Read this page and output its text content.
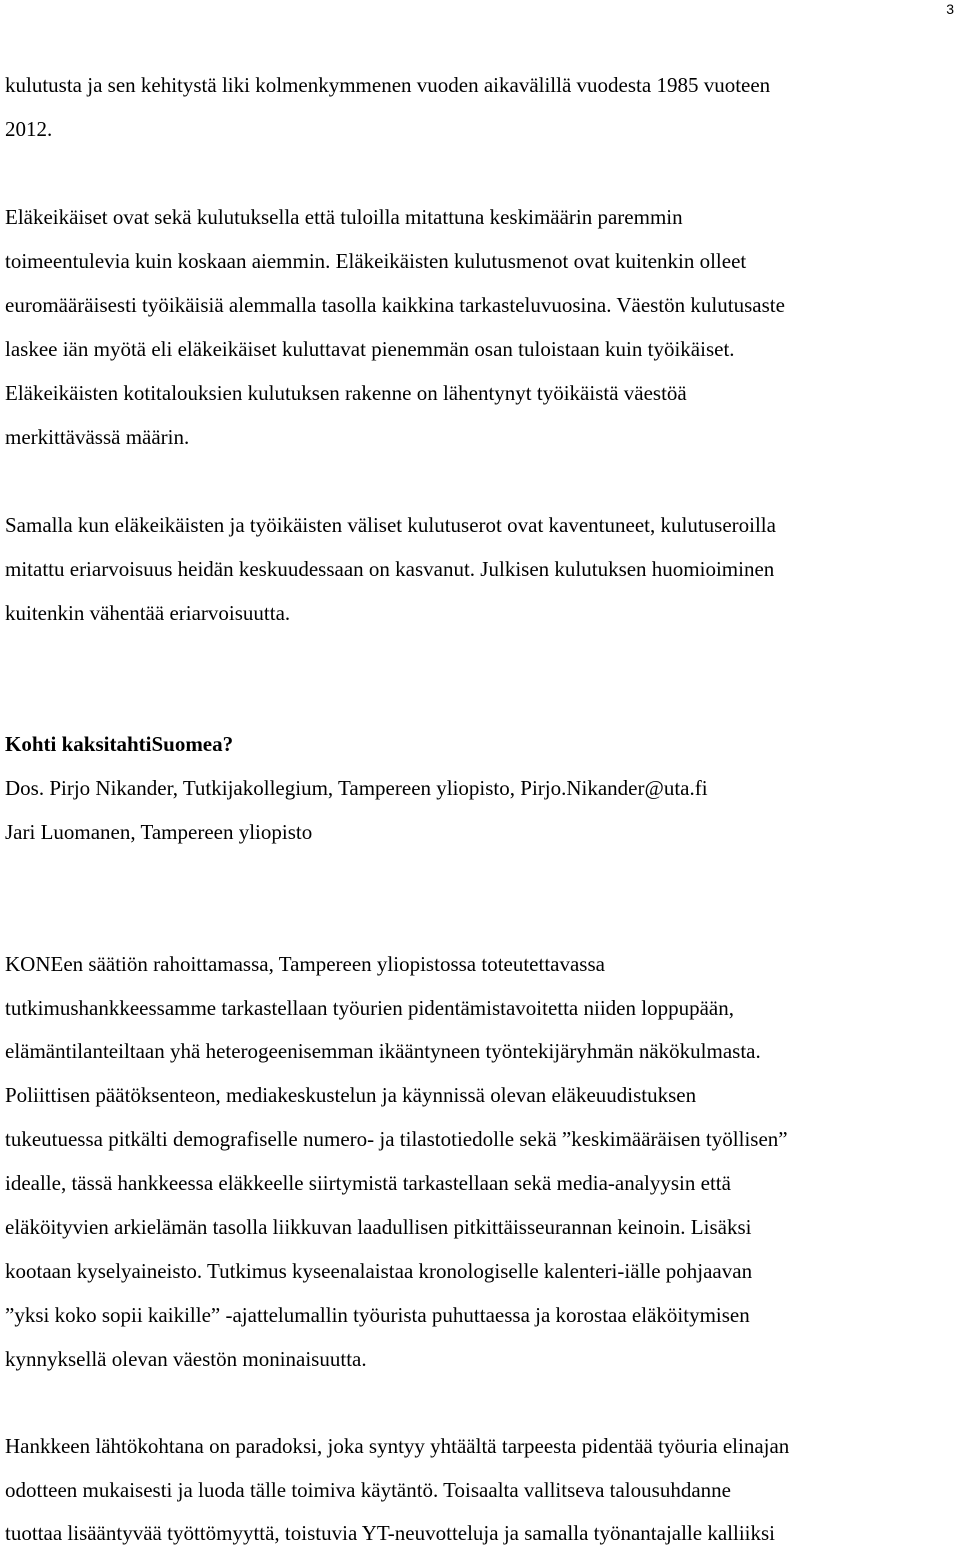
3
kulutusta ja sen kehitystä liki kolmenkymmenen vuoden aikavälillä vuodesta 1985 vuoteen
2012.
Eläkeikäiset ovat sekä kulutuksella että tuloilla mitattuna keskimäärin paremmin
toimeentulevia kuin koskaan aiemmin. Eläkeikäisten kulutusmenot ovat kuitenkin olleet
euromääräisesti työikäisiä alemmalla tasolla kaikkina tarkasteluvuosina. Väestön kulutusaste
laskee iän myötä eli eläkeikäiset kuluttavat pienemmän osan tuloistaan kuin työikäiset.
Eläkeikäisten kotitalouksien kulutuksen rakenne on lähentynyt työikäistä väestöä
merkittävässä määrin.
Samalla kun eläkeikäisten ja työikäisten väliset kulutuserot ovat kaventuneet, kulutuseroilla
mitattu eriarvoisuus heidän keskuudessaan on kasvanut. Julkisen kulutuksen huomioiminen
kuitenkin vähentää eriarvoisuutta.
Kohti kaksitahtiSuomea?
Dos. Pirjo Nikander, Tutkijakollegium, Tampereen yliopisto, Pirjo.Nikander@uta.fi
Jari Luomanen, Tampereen yliopisto
KONEen säätiön rahoittamassa, Tampereen yliopistossa toteutettavassa
tutkimushankkeessamme tarkastellaan työurien pidentämistavoitetta niiden loppupään,
elämäntilanteiltaan yhä heterogeenisemman ikääntyneen työntekijäryhmän näkökulmasta.
Poliittisen päätöksenteon, mediakeskustelun ja käynnissä olevan eläkeuudistuksen
tukeutuessa pitkälti demografiselle numero- ja tilastotiedolle sekä ”keskimääräisen työllisen”
idealle, tässä hankkeessa eläkkeelle siirtymistä tarkastellaan sekä media-analyysin että
eläköityvien arkielämän tasolla liikkuvan laadullisen pitkittäisseurannan keinoin. Lisäksi
kootaan kyselyaineisto. Tutkimus kyseenalaistaa kronologiselle kalenteri-iälle pohjaavan
”yksi koko sopii kaikille” -ajattelumallin työurista puhuttaessa ja korostaa eläköitymisen
kynnyksellä olevan väestön moninaisuutta.
Hankkeen lähtökohtana on paradoksi, joka syntyy yhtäältä tarpeesta pidentää työuria elinajan
odotteen mukaisesti ja luoda tälle toimiva käytäntö. Toisaalta vallitseva talousuhdanne
tuottaa lisääntyvää työttömyyttä, toistuvia YT-neuvotteluja ja samalla työnantajalle kalliiksi
